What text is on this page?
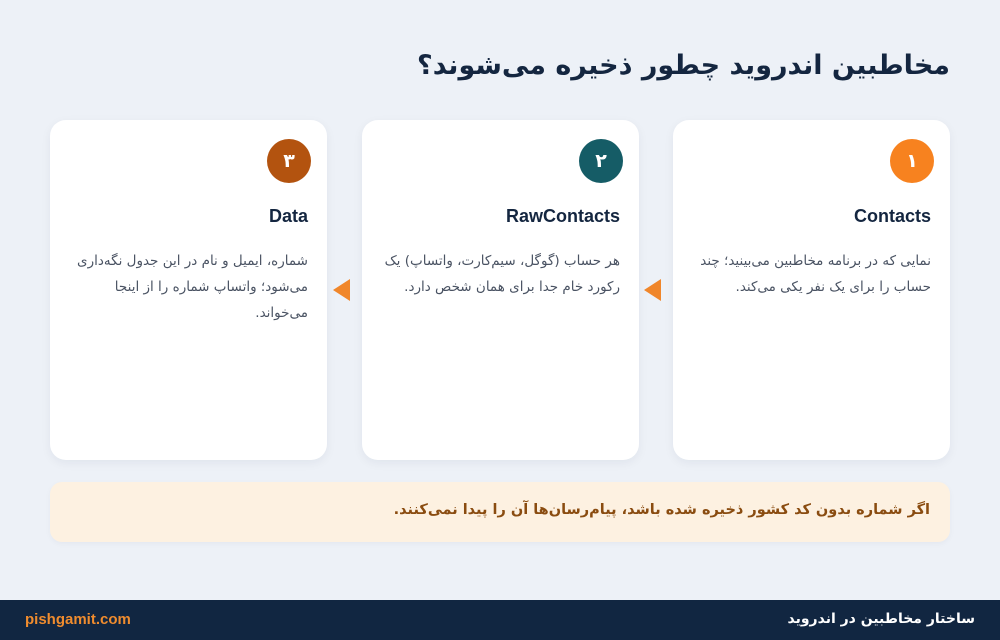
مخاطبین اندروید چطور ذخیره می‌شوند؟
۱
Contacts
نمایی که در برنامه مخاطبین می‌بینید؛ چند حساب را برای یک نفر یکی می‌کند.
۲
RawContacts
هر حساب (گوگل، سیم‌کارت، واتساپ) یک رکورد خام جدا برای همان شخص دارد.
۳
Data
شماره، ایمیل و نام در این جدول نگه‌داری می‌شود؛ واتساپ شماره را از اینجا می‌خواند.
اگر شماره بدون کد کشور ذخیره شده باشد، پیام‌رسان‌ها آن را پیدا نمی‌کنند.
ساختار مخاطبین در اندروید
pishgamit.com
